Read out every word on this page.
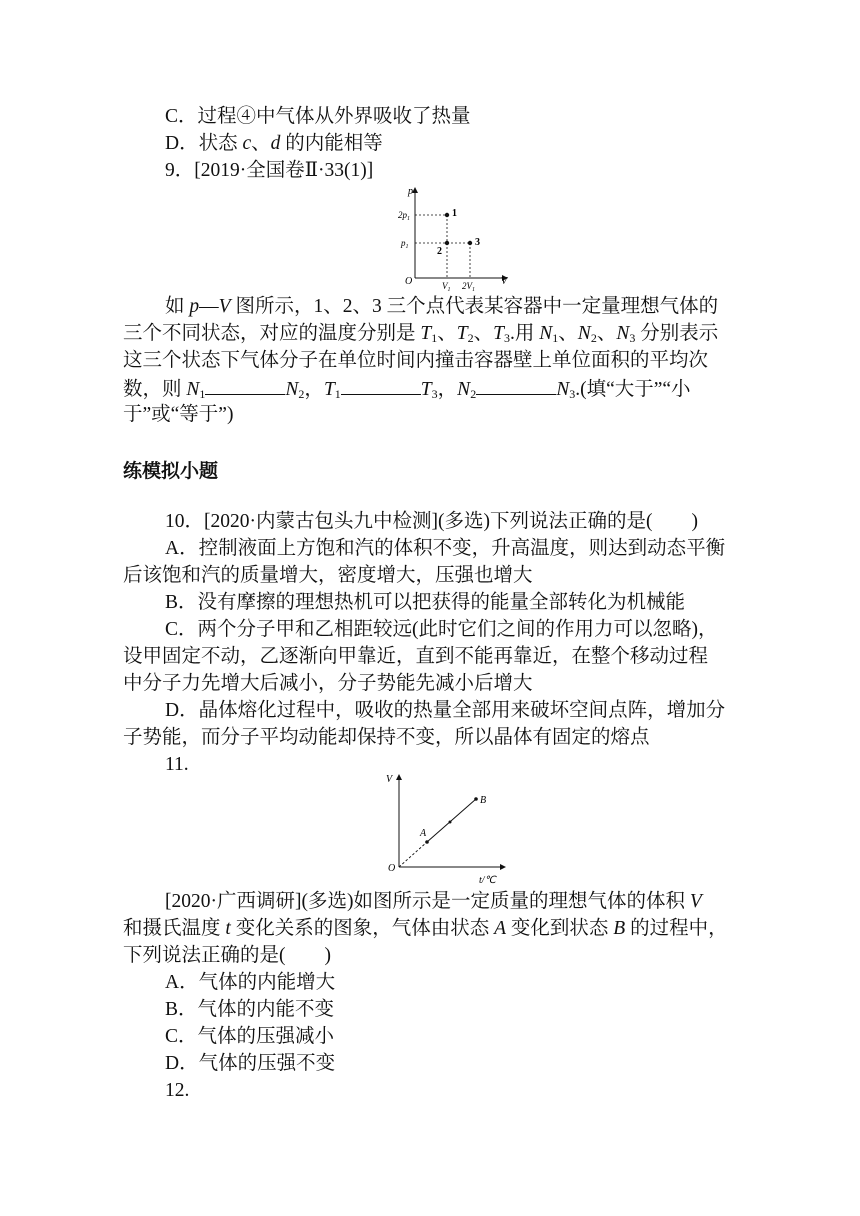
C．过程④中气体从外界吸收了热量
D．状态 c、d 的内能相等
9．[2019·全国卷Ⅱ·33(1)]
p
O	V
$2p_1$
$p_1$
$V_1$ $2V_1$
1
2
3
如 p—V 图所示，1、2、3 三个点代表某容器中一定量理想气体的
三个不同状态，对应的温度分别是 $T_1$、$T_2$、$T_3$.用 $N_1$、$N_2$、$N_3$ 分别表示
这三个状态下气体分子在单位时间内撞击容器壁上单位面积的平均次
数，则 $N_1$	$N_2$，$T_1$	$T_3$，$N_2$	$N_3$.(填“大于”“小
于”或“等于”)
练模拟小题
10．[2020·内蒙古包头九中检测](多选)下列说法正确的是(　　)
A．控制液面上方饱和汽的体积不变，升高温度，则达到动态平衡
后该饱和汽的质量增大，密度增大，压强也增大
B．没有摩擦的理想热机可以把获得的能量全部转化为机械能
C．两个分子甲和乙相距较远(此时它们之间的作用力可以忽略)，
设甲固定不动，乙逐渐向甲靠近，直到不能再靠近，在整个移动过程
中分子力先增大后减小，分子势能先减小后增大
D．晶体熔化过程中，吸收的热量全部用来破坏空间点阵，增加分
子势能，而分子平均动能却保持不变，所以晶体有固定的熔点
11.
V
O
t/℃
A
B
[2020·广西调研](多选)如图所示是一定质量的理想气体的体积 V
和摄氏温度 t 变化关系的图象，气体由状态 A 变化到状态 B 的过程中，
下列说法正确的是(　　)
A．气体的内能增大
B．气体的内能不变
C．气体的压强减小
D．气体的压强不变
12.
